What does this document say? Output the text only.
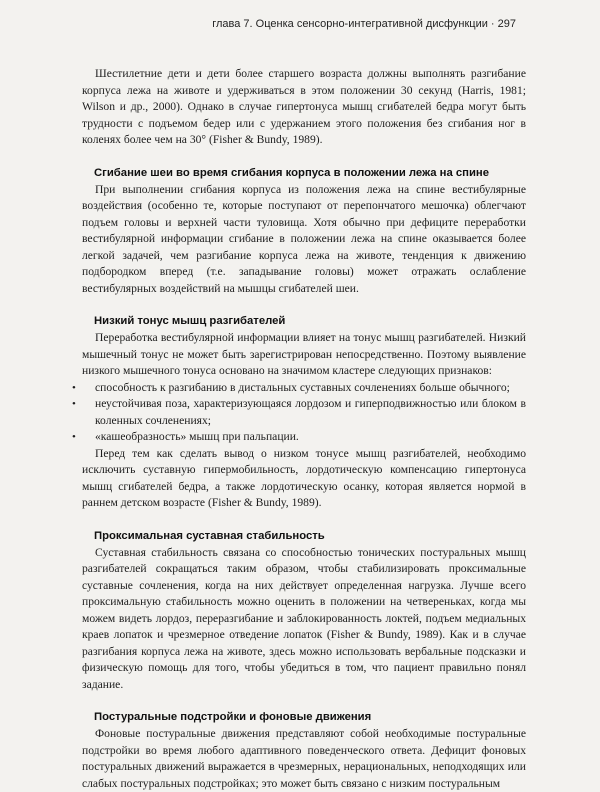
глава 7. Оценка сенсорно-интегративной дисфункции · 297

Шестилетние дети и дети более старшего возраста должны выполнять разгибание корпуса лежа на животе и удерживаться в этом положении 30 секунд (Harris, 1981; Wilson и др., 2000). Однако в случае гипертонуса мышц сгибателей бедра могут быть трудности с подъемом бедер или с удержанием этого положения без сгибания ног в коленях более чем на 30° (Fisher & Bundy, 1989).

Сгибание шеи во время сгибания корпуса в положении лежа на спине

При выполнении сгибания корпуса из положения лежа на спине вестибулярные воздействия (особенно те, которые поступают от перепончатого мешочка) облегчают подъем головы и верхней части туловища. Хотя обычно при дефиците переработки вестибулярной информации сгибание в положении лежа на спине оказывается более легкой задачей, чем разгибание корпуса лежа на животе, тенденция к движению подбородком вперед (т.е. западывание головы) может отражать ослабление вестибулярных воздействий на мышцы сгибателей шеи.

Низкий тонус мышц разгибателей

Переработка вестибулярной информации влияет на тонус мышц разгибателей. Низкий мышечный тонус не может быть зарегистрирован непосредственно. Поэтому выявление низкого мышечного тонуса основано на значимом кластере следующих признаков:

• способность к разгибанию в дистальных суставных сочленениях больше обычного;
• неустойчивая поза, характеризующаяся лордозом и гиперподвижностью или блоком в коленных сочленениях;
• «кашеобразность» мышц при пальпации.

Перед тем как сделать вывод о низком тонусе мышц разгибателей, необходимо исключить суставную гипермобильность, лордотическую компенсацию гипертонуса мышц сгибателей бедра, а также лордотическую осанку, которая является нормой в раннем детском возрасте (Fisher & Bundy, 1989).

Проксимальная суставная стабильность

Суставная стабильность связана со способностью тонических постуральных мышц разгибателей сокращаться таким образом, чтобы стабилизировать проксимальные суставные сочленения, когда на них действует определенная нагрузка. Лучше всего проксимальную стабильность можно оценить в положении на четвереньках, когда мы можем видеть лордоз, переразгибание и заблокированность локтей, подъем медиальных краев лопаток и чрезмерное отведение лопаток (Fisher & Bundy, 1989). Как и в случае разгибания корпуса лежа на животе, здесь можно использовать вербальные подсказки и физическую помощь для того, чтобы убедиться в том, что пациент правильно понял задание.

Постуральные подстройки и фоновые движения

Фоновые постуральные движения представляют собой необходимые постуральные подстройки во время любого адаптивного поведенческого ответа. Дефицит фоновых постуральных движений выражается в чрезмерных, нерациональных, неподходящих или слабых постуральных подстройках; это может быть связано с низким постуральным
